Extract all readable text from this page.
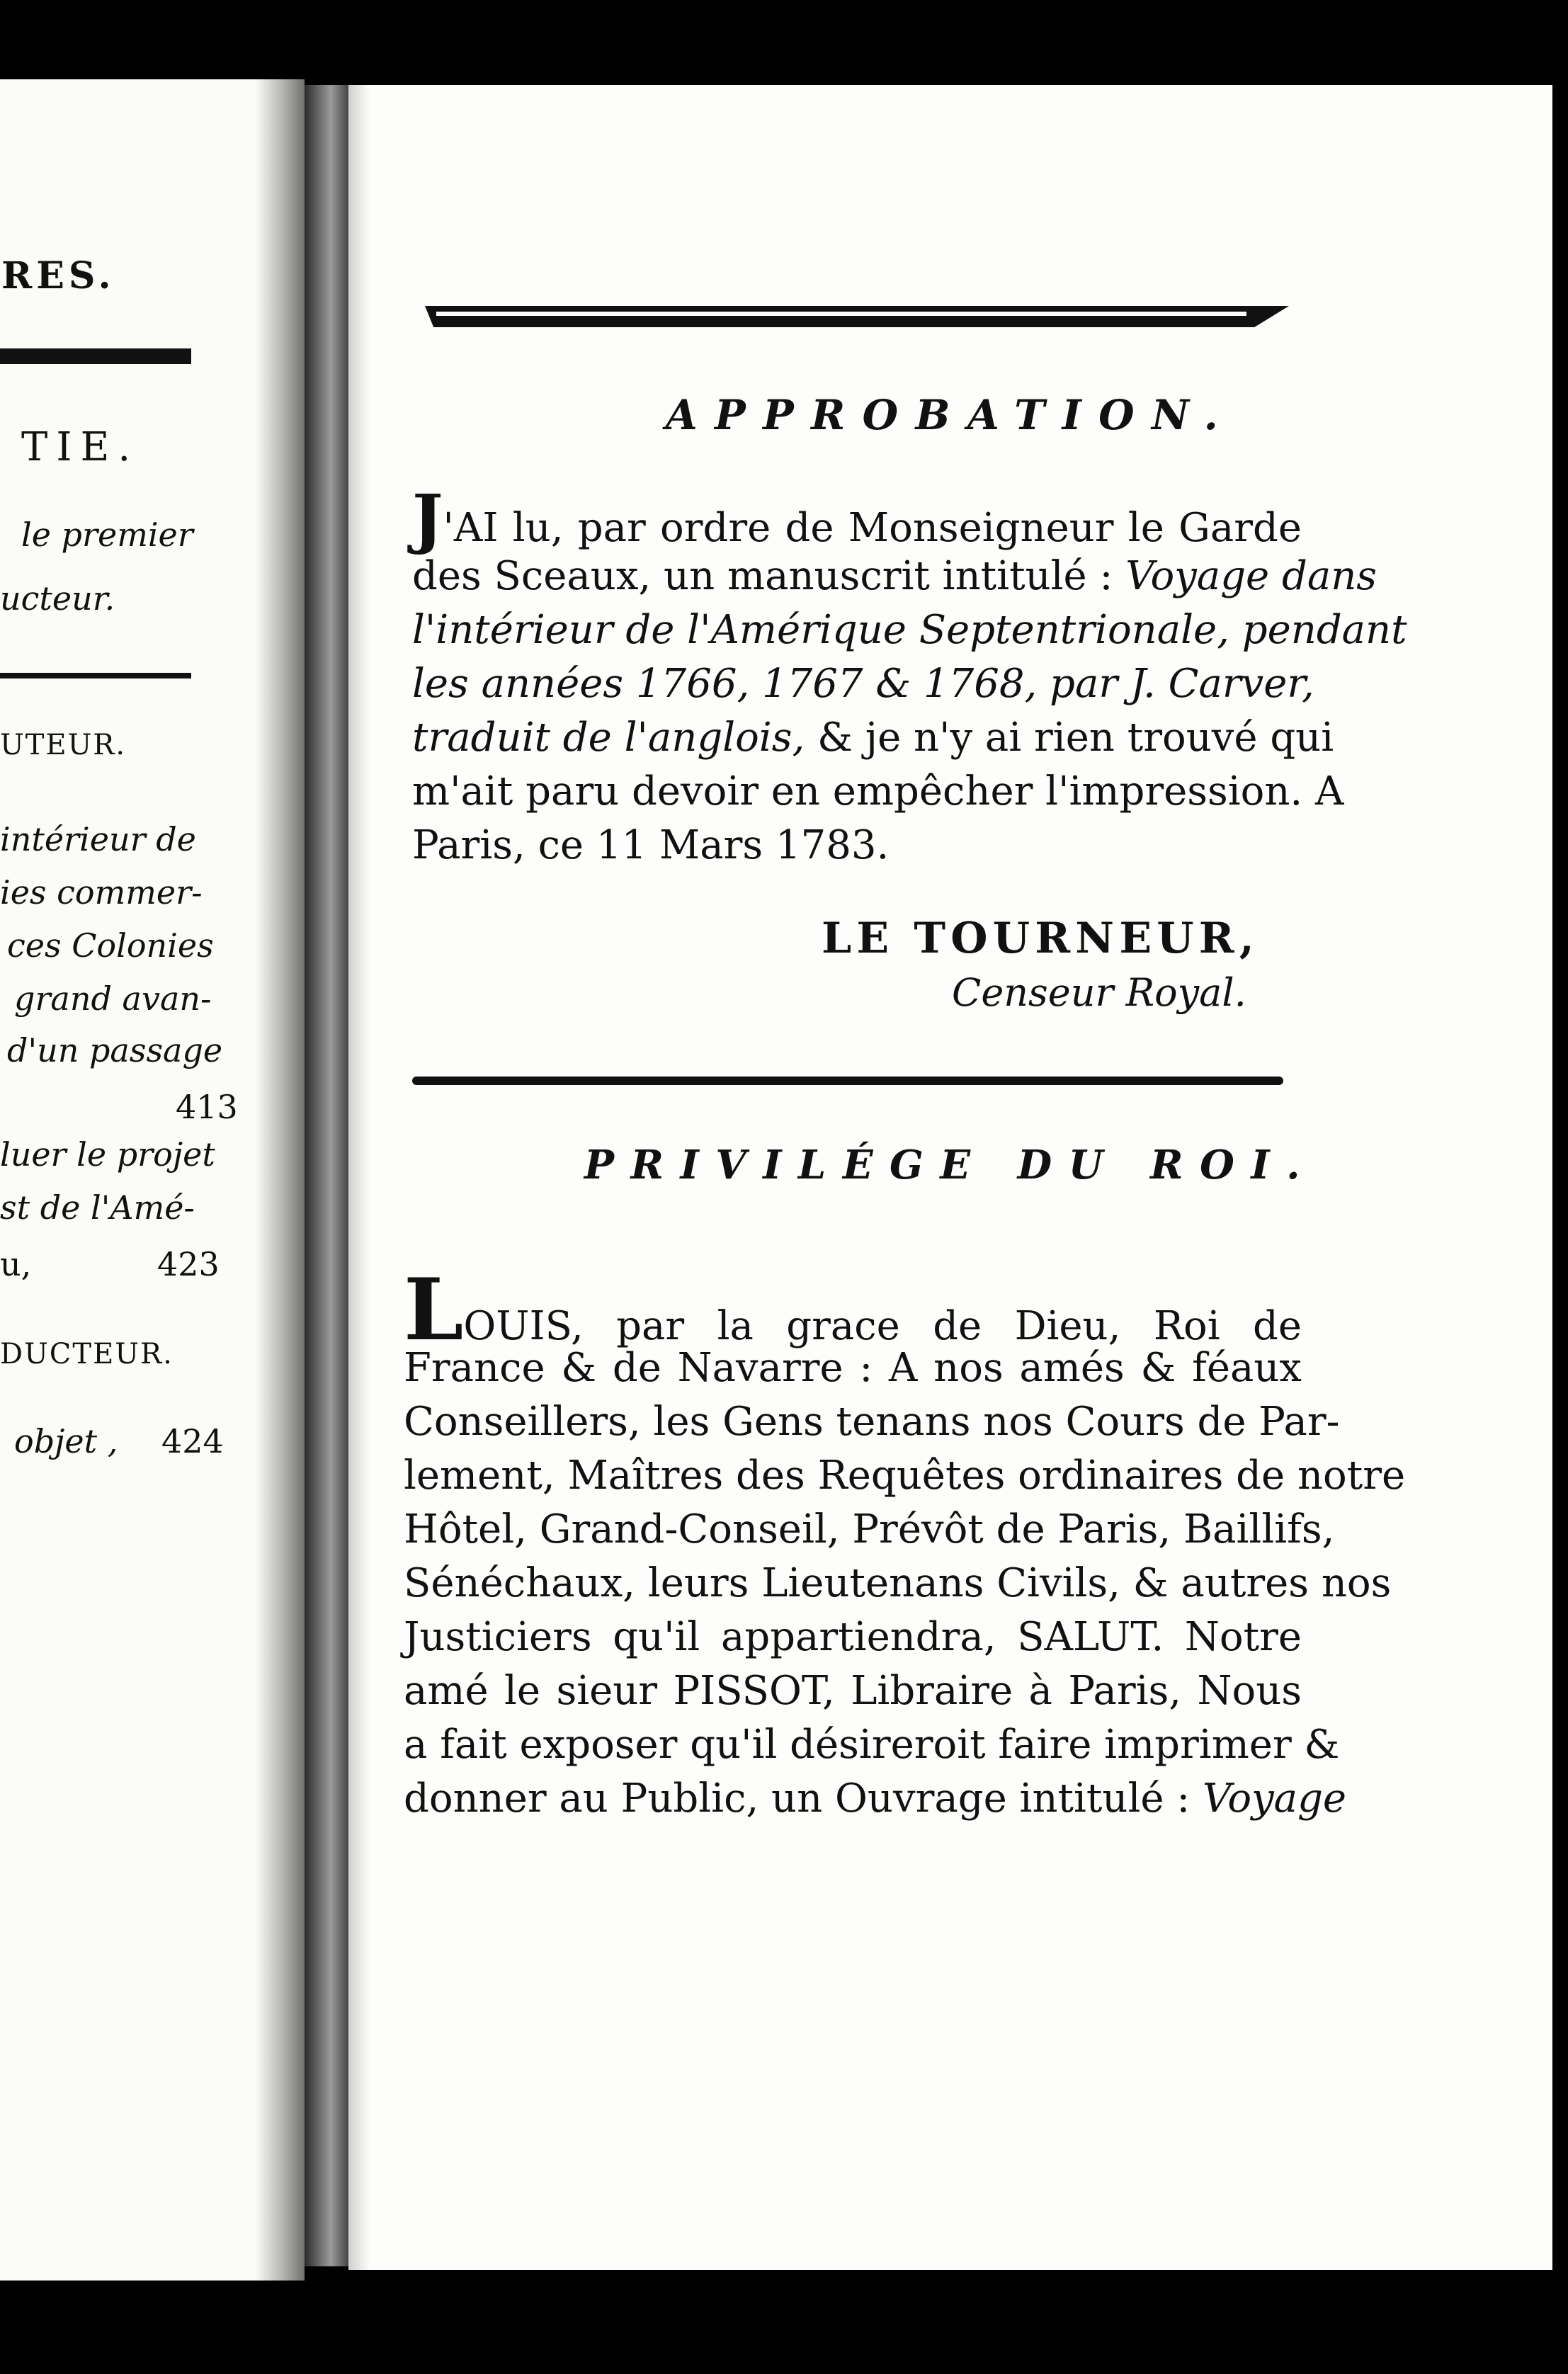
RES.
TIE.
le premier
ucteur.
UTEUR.
intérieur de
ies commer-
ces Colonies
grand avan-
d'un passage
413
luer le projet
st de l'Amé-
u,	423
DUCTEUR.
objet , 424
APPROBATION.
J'AI lu, par ordre de Monseigneur le Garde
des Sceaux, un manuscrit intitulé : Voyage dans
l'intérieur de l'Amérique Septentrionale, pendant
les années 1766, 1767 & 1768, par J. Carver,
traduit de l'anglois, & je n'y ai rien trouvé qui
m'ait paru devoir en empêcher l'impression. A
Paris, ce 11 Mars 1783.
LE TOURNEUR,
Censeur Royal.
PRIVILÉGE DU ROI.
LOUIS, par la grace de Dieu, Roi de
France & de Navarre : A nos amés & féaux
Conseillers, les Gens tenans nos Cours de Par-
lement, Maîtres des Requêtes ordinaires de notre
Hôtel, Grand-Conseil, Prévôt de Paris, Baillifs,
Sénéchaux, leurs Lieutenans Civils, & autres nos
Justiciers qu'il appartiendra, SALUT. Notre
amé le sieur PISSOT, Libraire à Paris, Nous
a fait exposer qu'il désireroit faire imprimer &
donner au Public, un Ouvrage intitulé : Voyage
